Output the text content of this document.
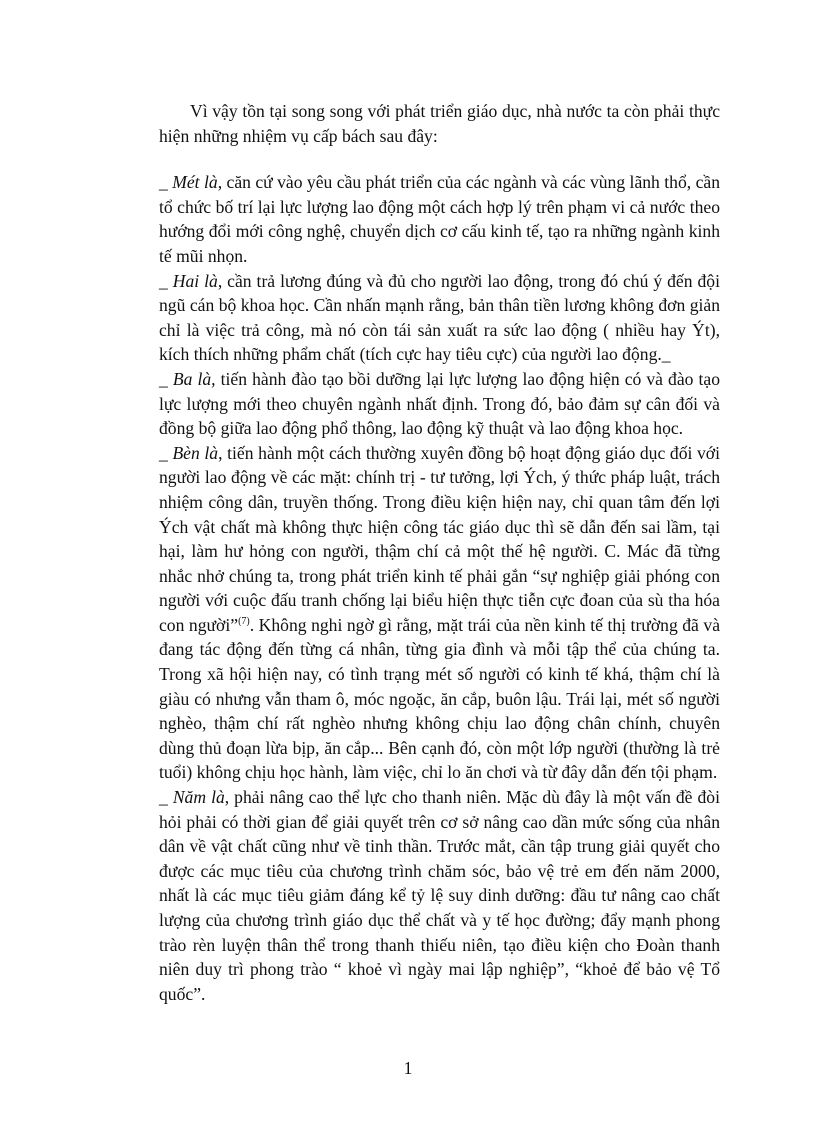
Vì vậy tồn tại song song với phát triển giáo dục, nhà nước ta còn phải thực hiện những nhiệm vụ cấp bách sau đây:

_ Mét là, căn cứ vào yêu cầu phát triển của các ngành và các vùng lãnh thổ, cần tổ chức bố trí lại lực lượng lao động một cách hợp lý trên phạm vi cả nước theo hướng đổi mới công nghệ, chuyển dịch cơ cấu kinh tế, tạo ra những ngành kinh tế mũi nhọn.

_ Hai là, cần trả lương đúng và đủ cho người lao động, trong đó chú ý đến đội ngũ cán bộ khoa học. Cần nhấn mạnh rằng, bản thân tiền lương không đơn giản chỉ là việc trả công, mà nó còn tái sản xuất ra sức lao động ( nhiều hay Ýt), kích thích những phẩm chất (tích cực hay tiêu cực) của người lao động._

_ Ba là, tiến hành đào tạo bồi dưỡng lại lực lượng lao động hiện có và đào tạo lực lượng mới theo chuyên ngành nhất định. Trong đó, bảo đảm sự cân đối và đồng bộ giữa lao động phổ thông, lao động kỹ thuật và lao động khoa học.

_ Bèn là, tiến hành một cách thường xuyên đồng bộ hoạt động giáo dục đối với người lao động về các mặt: chính trị - tư tưởng, lợi Ých, ý thức pháp luật, trách nhiệm công dân, truyền thống. Trong điều kiện hiện nay, chỉ quan tâm đến lợi Ých vật chất mà không thực hiện công tác giáo dục thì sẽ dẫn đến sai lầm, tại hại, làm hư hỏng con người, thậm chí cả một thế hệ người. C. Mác đã từng nhắc nhở chúng ta, trong phát triển kinh tế phải gắn “sự nghiệp giải phóng con người với cuộc đấu tranh chống lại biểu hiện thực tiễn cực đoan của sù tha hóa con người”$^{(7)}$. Không nghi ngờ gì rằng, mặt trái của nền kinh tế thị trường đã và đang tác động đến từng cá nhân, từng gia đình và mỗi tập thể của chúng ta. Trong xã hội hiện nay, có tình trạng mét số người có kinh tế khá, thậm chí là giàu có nhưng vẫn tham ô, móc ngoặc, ăn cắp, buôn lậu. Trái lại, mét số người nghèo, thậm chí rất nghèo nhưng không chịu lao động chân chính, chuyên dùng thủ đoạn lừa bịp, ăn cắp... Bên cạnh đó, còn một lớp người (thường là trẻ tuổi) không chịu học hành, làm việc, chỉ lo ăn chơi và từ đây dẫn đến tội phạm.

_ Năm là, phải nâng cao thể lực cho thanh niên. Mặc dù đây là một vấn đề đòi hỏi phải có thời gian để giải quyết trên cơ sở nâng cao dần mức sống của nhân dân về vật chất cũng như về tinh thần. Trước mắt, cần tập trung giải quyết cho được các mục tiêu của chương trình chăm sóc, bảo vệ trẻ em đến năm 2000, nhất là các mục tiêu giảm đáng kể tỷ lệ suy dinh dưỡng: đầu tư nâng cao chất lượng của chương trình giáo dục thể chất và y tế học đường; đẩy mạnh phong trào rèn luyện thân thể trong thanh thiếu niên, tạo điều kiện cho Đoàn thanh niên duy trì phong trào “ khoẻ vì ngày mai lập nghiệp”, “khoẻ để bảo vệ Tổ quốc”.

1
